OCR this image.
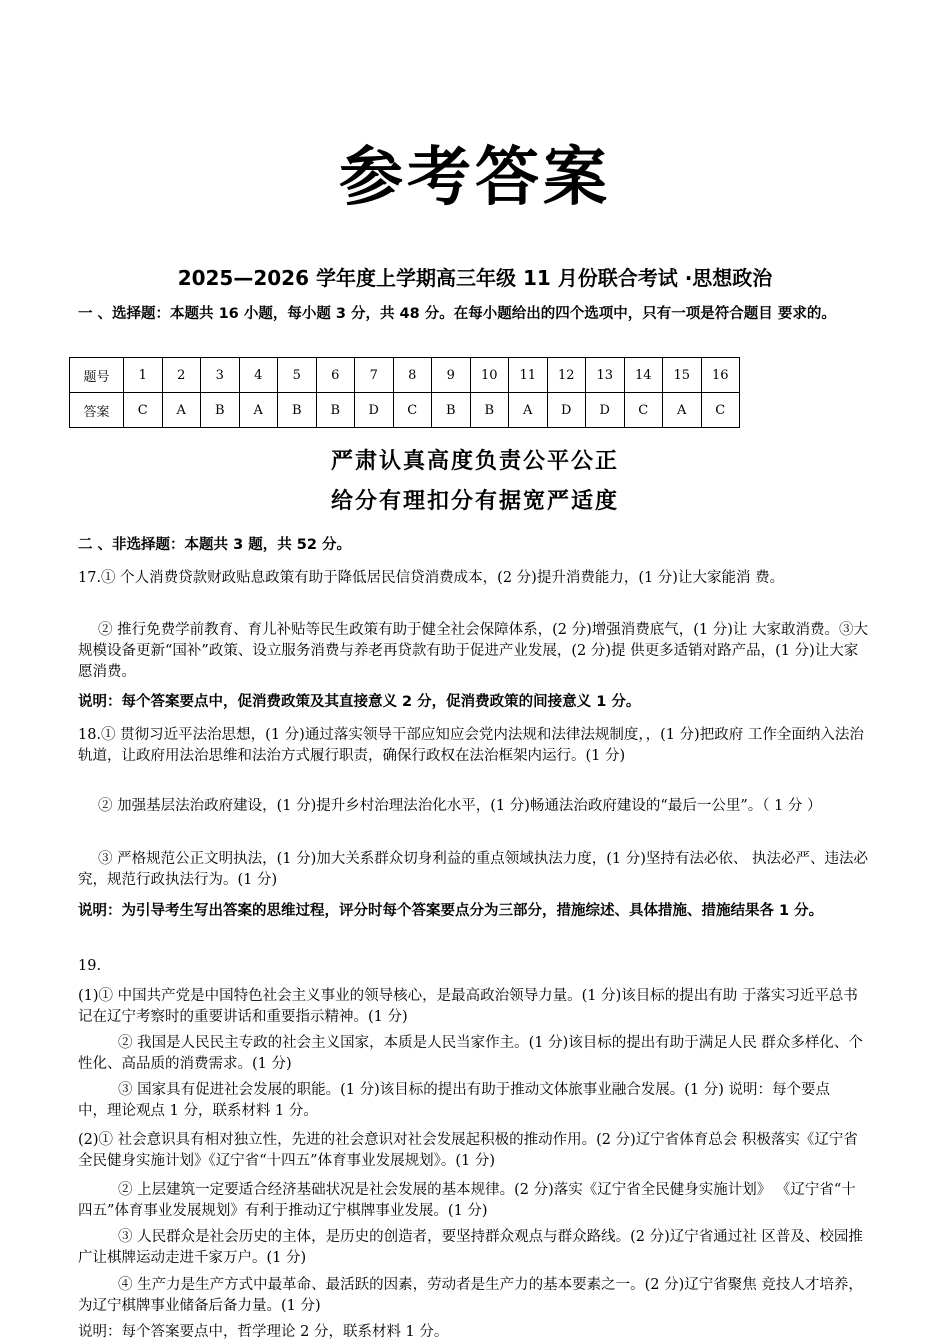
参考答案
2025—2026 学年度上学期高三年级 11 月份联合考试 ·思想政治
一 、选择题：本题共 16 小题，每小题 3 分，共 48 分。在每小题给出的四个选项中，只有一项是符合题目 要求的。
题号	1	2	3	4	5	6	7	8	9	10	11	12	13	14	15	16
答案	C	A	B	A	B	B	D	C	B	B	A	D	D	C	A	C
严肃认真高度负责公平公正
给分有理扣分有据宽严适度
二 、非选择题：本题共 3 题，共 52 分。
17.① 个人消费贷款财政贴息政策有助于降低居民信贷消费成本，(2 分)提升消费能力，(1 分)让大家能消 费。
② 推行免费学前教育、育儿补贴等民生政策有助于健全社会保障体系，(2 分)增强消费底气，(1 分)让 大家敢消费。③大规模设备更新“国补”政策、设立服务消费与养老再贷款有助于促进产业发展，(2 分)提 供更多适销对路产品，(1 分)让大家愿消费。
说明：每个答案要点中，促消费政策及其直接意义 2 分，促消费政策的间接意义 1 分。
18.① 贯彻习近平法治思想，(1 分)通过落实领导干部应知应会党内法规和法律法规制度，，(1 分)把政府 工作全面纳入法治轨道，让政府用法治思维和法治方式履行职责，确保行政权在法治框架内运行。(1 分)
② 加强基层法治政府建设，(1 分)提升乡村治理法治化水平，(1 分)畅通法治政府建设的“最后一公里”。（ 1 分 ）
③ 严格规范公正文明执法，(1 分)加大关系群众切身利益的重点领域执法力度，(1 分)坚持有法必依、 执法必严、违法必究，规范行政执法行为。(1 分)
说明：为引导考生写出答案的思维过程，评分时每个答案要点分为三部分，措施综述、具体措施、措施结果各 1 分。
19.
(1)① 中国共产党是中国特色社会主义事业的领导核心，是最高政治领导力量。(1 分)该目标的提出有助 于落实习近平总书记在辽宁考察时的重要讲话和重要指示精神。(1 分)
② 我国是人民民主专政的社会主义国家，本质是人民当家作主。(1 分)该目标的提出有助于满足人民 群众多样化、个性化、高品质的消费需求。(1 分)
③ 国家具有促进社会发展的职能。(1 分)该目标的提出有助于推动文体旅事业融合发展。(1 分) 说明：每个要点中，理论观点 1 分，联系材料 1 分。
(2)① 社会意识具有相对独立性，先进的社会意识对社会发展起积极的推动作用。(2 分)辽宁省体育总会 积极落实《辽宁省全民健身实施计划》《辽宁省“十四五”体育事业发展规划》。(1 分)
② 上层建筑一定要适合经济基础状况是社会发展的基本规律。(2 分)落实《辽宁省全民健身实施计划》 《辽宁省“十四五”体育事业发展规划》有利于推动辽宁棋牌事业发展。(1 分)
③ 人民群众是社会历史的主体，是历史的创造者，要坚持群众观点与群众路线。(2 分)辽宁省通过社 区普及、校园推广让棋牌运动走进千家万户。(1 分)
④ 生产力是生产方式中最革命、最活跃的因素，劳动者是生产力的基本要素之一。(2 分)辽宁省聚焦 竞技人才培养，为辽宁棋牌事业储备后备力量。(1 分)
说明：每个答案要点中，哲学理论 2 分，联系材料 1 分。
